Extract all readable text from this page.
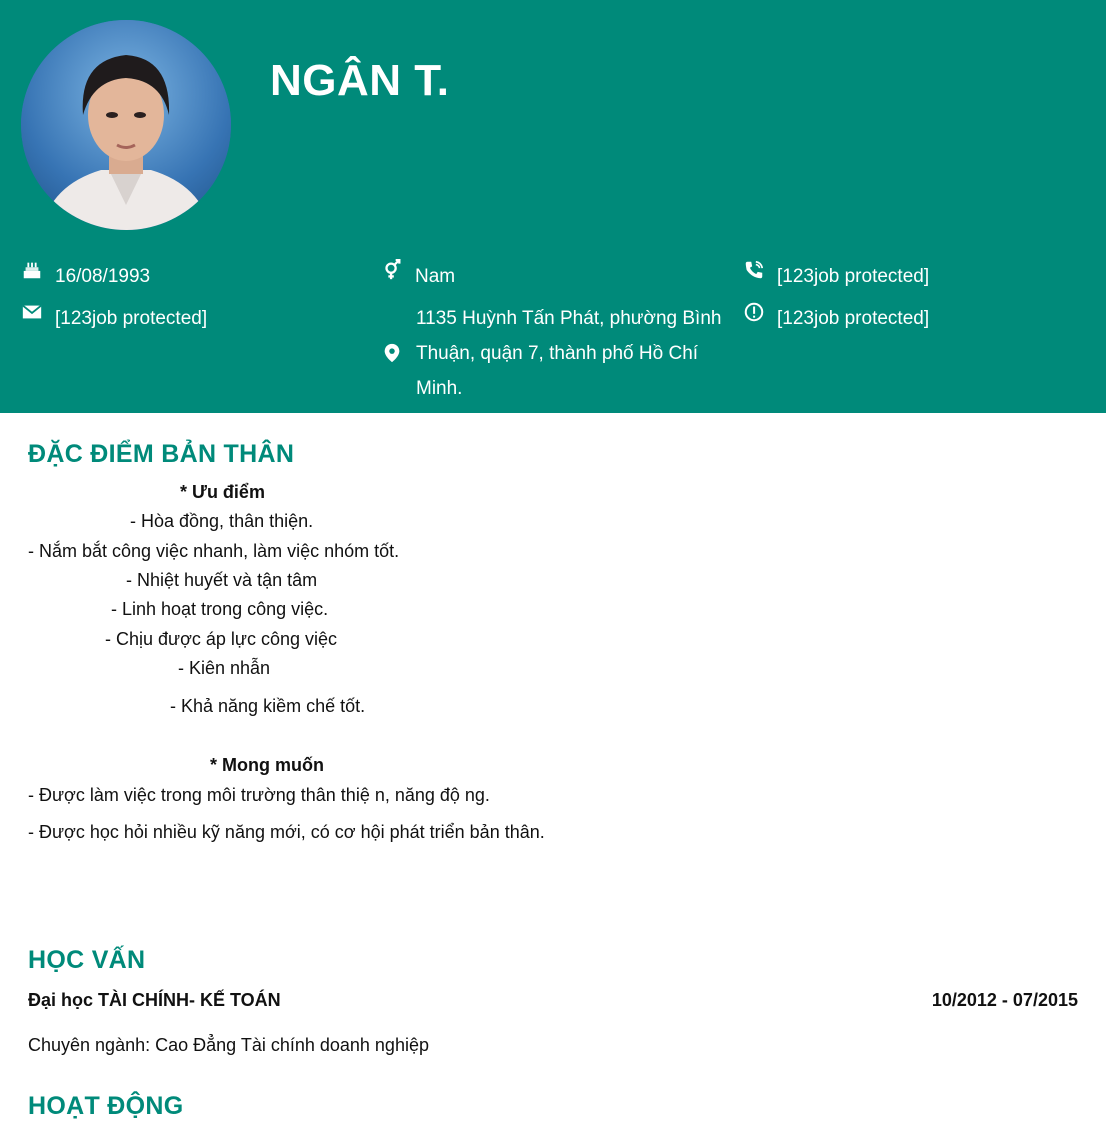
NGÂN T.
16/08/1993
[123job protected]
Nam
1135 Huỳnh Tấn Phát, phường Bình Thuận, quận 7, thành phố Hồ Chí Minh.
[123job protected]
[123job protected]
ĐẶC ĐIỂM BẢN THÂN
* Ưu điểm
- Hòa đồng, thân thiện.
- Nắm bắt công việc nhanh, làm việc nhóm tốt.
- Nhiệt huyết và tận tâm
- Linh hoạt trong công việc.
- Chịu được áp lực công việc
- Kiên nhẫn
- Khả năng kiềm chế tốt.
* Mong muốn
- Được làm việc trong môi trường thân thiệ n, năng độ ng.
- Được học hỏi nhiều kỹ năng mới, có cơ hội phát triển bản thân.
HỌC VẤN
Đại học TÀI CHÍNH- KẾ TOÁN	10/2012 - 07/2015
Chuyên ngành: Cao Đẳng Tài chính doanh nghiệp
HOẠT ĐỘNG
